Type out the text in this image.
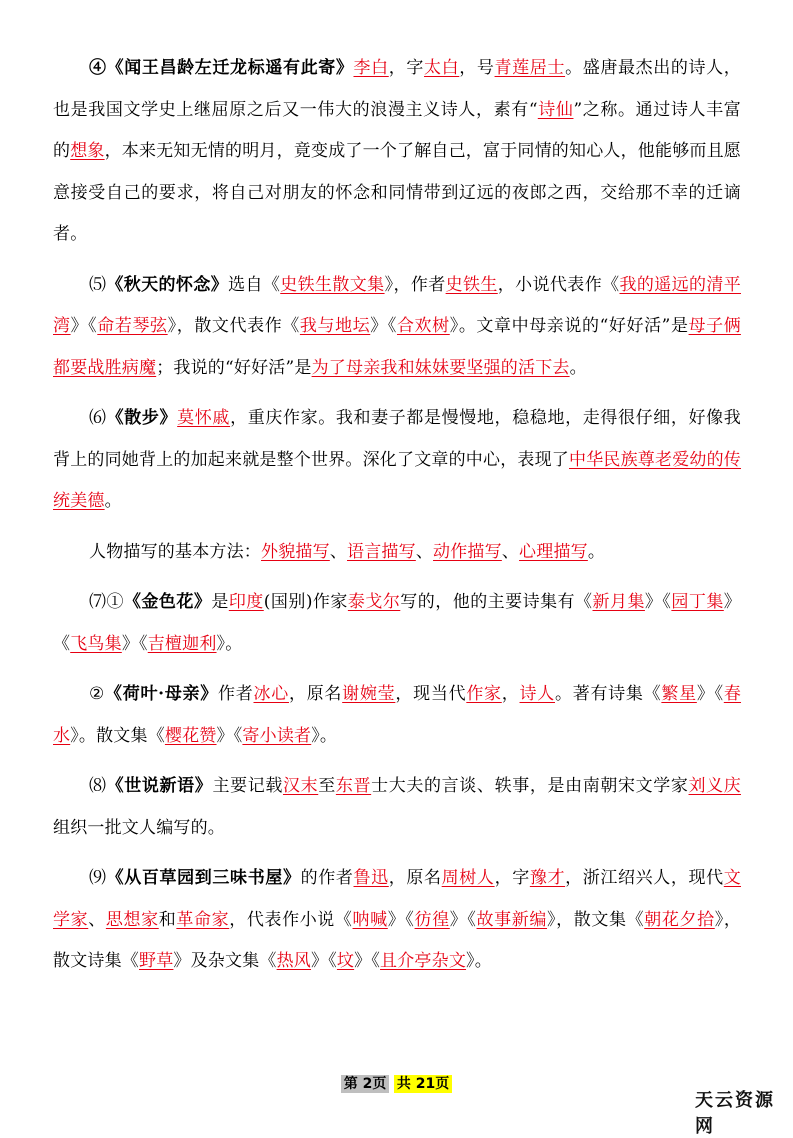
④《闻王昌龄左迁龙标遥有此寄》李白，字太白，号青莲居士。盛唐最杰出的诗人，也是我国文学史上继屈原之后又一伟大的浪漫主义诗人，素有“诗仙”之称。通过诗人丰富的想象，本来无知无情的明月，竟变成了一个了解自己，富于同情的知心人，他能够而且愿意接受自己的要求，将自己对朋友的怀念和同情带到辽远的夜郎之西，交给那不幸的迁谪者。

⑸《秋天的怀念》选自《史铁生散文集》，作者史铁生，小说代表作《我的遥远的清平湾》《命若琴弦》，散文代表作《我与地坛》《合欢树》。文章中母亲说的“好好活”是母子俩都要战胜病魔；我说的“好好活”是为了母亲我和妹妹要坚强的活下去。

⑹《散步》莫怀戚，重庆作家。我和妻子都是慢慢地，稳稳地，走得很仔细，好像我背上的同她背上的加起来就是整个世界。深化了文章的中心，表现了中华民族尊老爱幼的传统美德。

人物描写的基本方法：外貌描写、语言描写、动作描写、心理描写。

⑺①《金色花》是印度(国别)作家泰戈尔写的，他的主要诗集有《新月集》《园丁集》《飞鸟集》《吉檀迦利》。

②《荷叶·母亲》作者冰心，原名谢婉莹，现当代作家，诗人。著有诗集《繁星》《春水》。散文集《樱花赞》《寄小读者》。

⑻《世说新语》主要记载汉末至东晋士大夫的言谈、轶事，是由南朝宋文学家刘义庆组织一批文人编写的。

⑼《从百草园到三味书屋》的作者鲁迅，原名周树人，字豫才，浙江绍兴人，现代文学家、思想家和革命家，代表作小说《呐喊》《彷徨》《故事新编》，散文集《朝花夕拾》，散文诗集《野草》及杂文集《热风》《坟》《且介亭杂文》。

第 2页 共 21页
天云资源网
